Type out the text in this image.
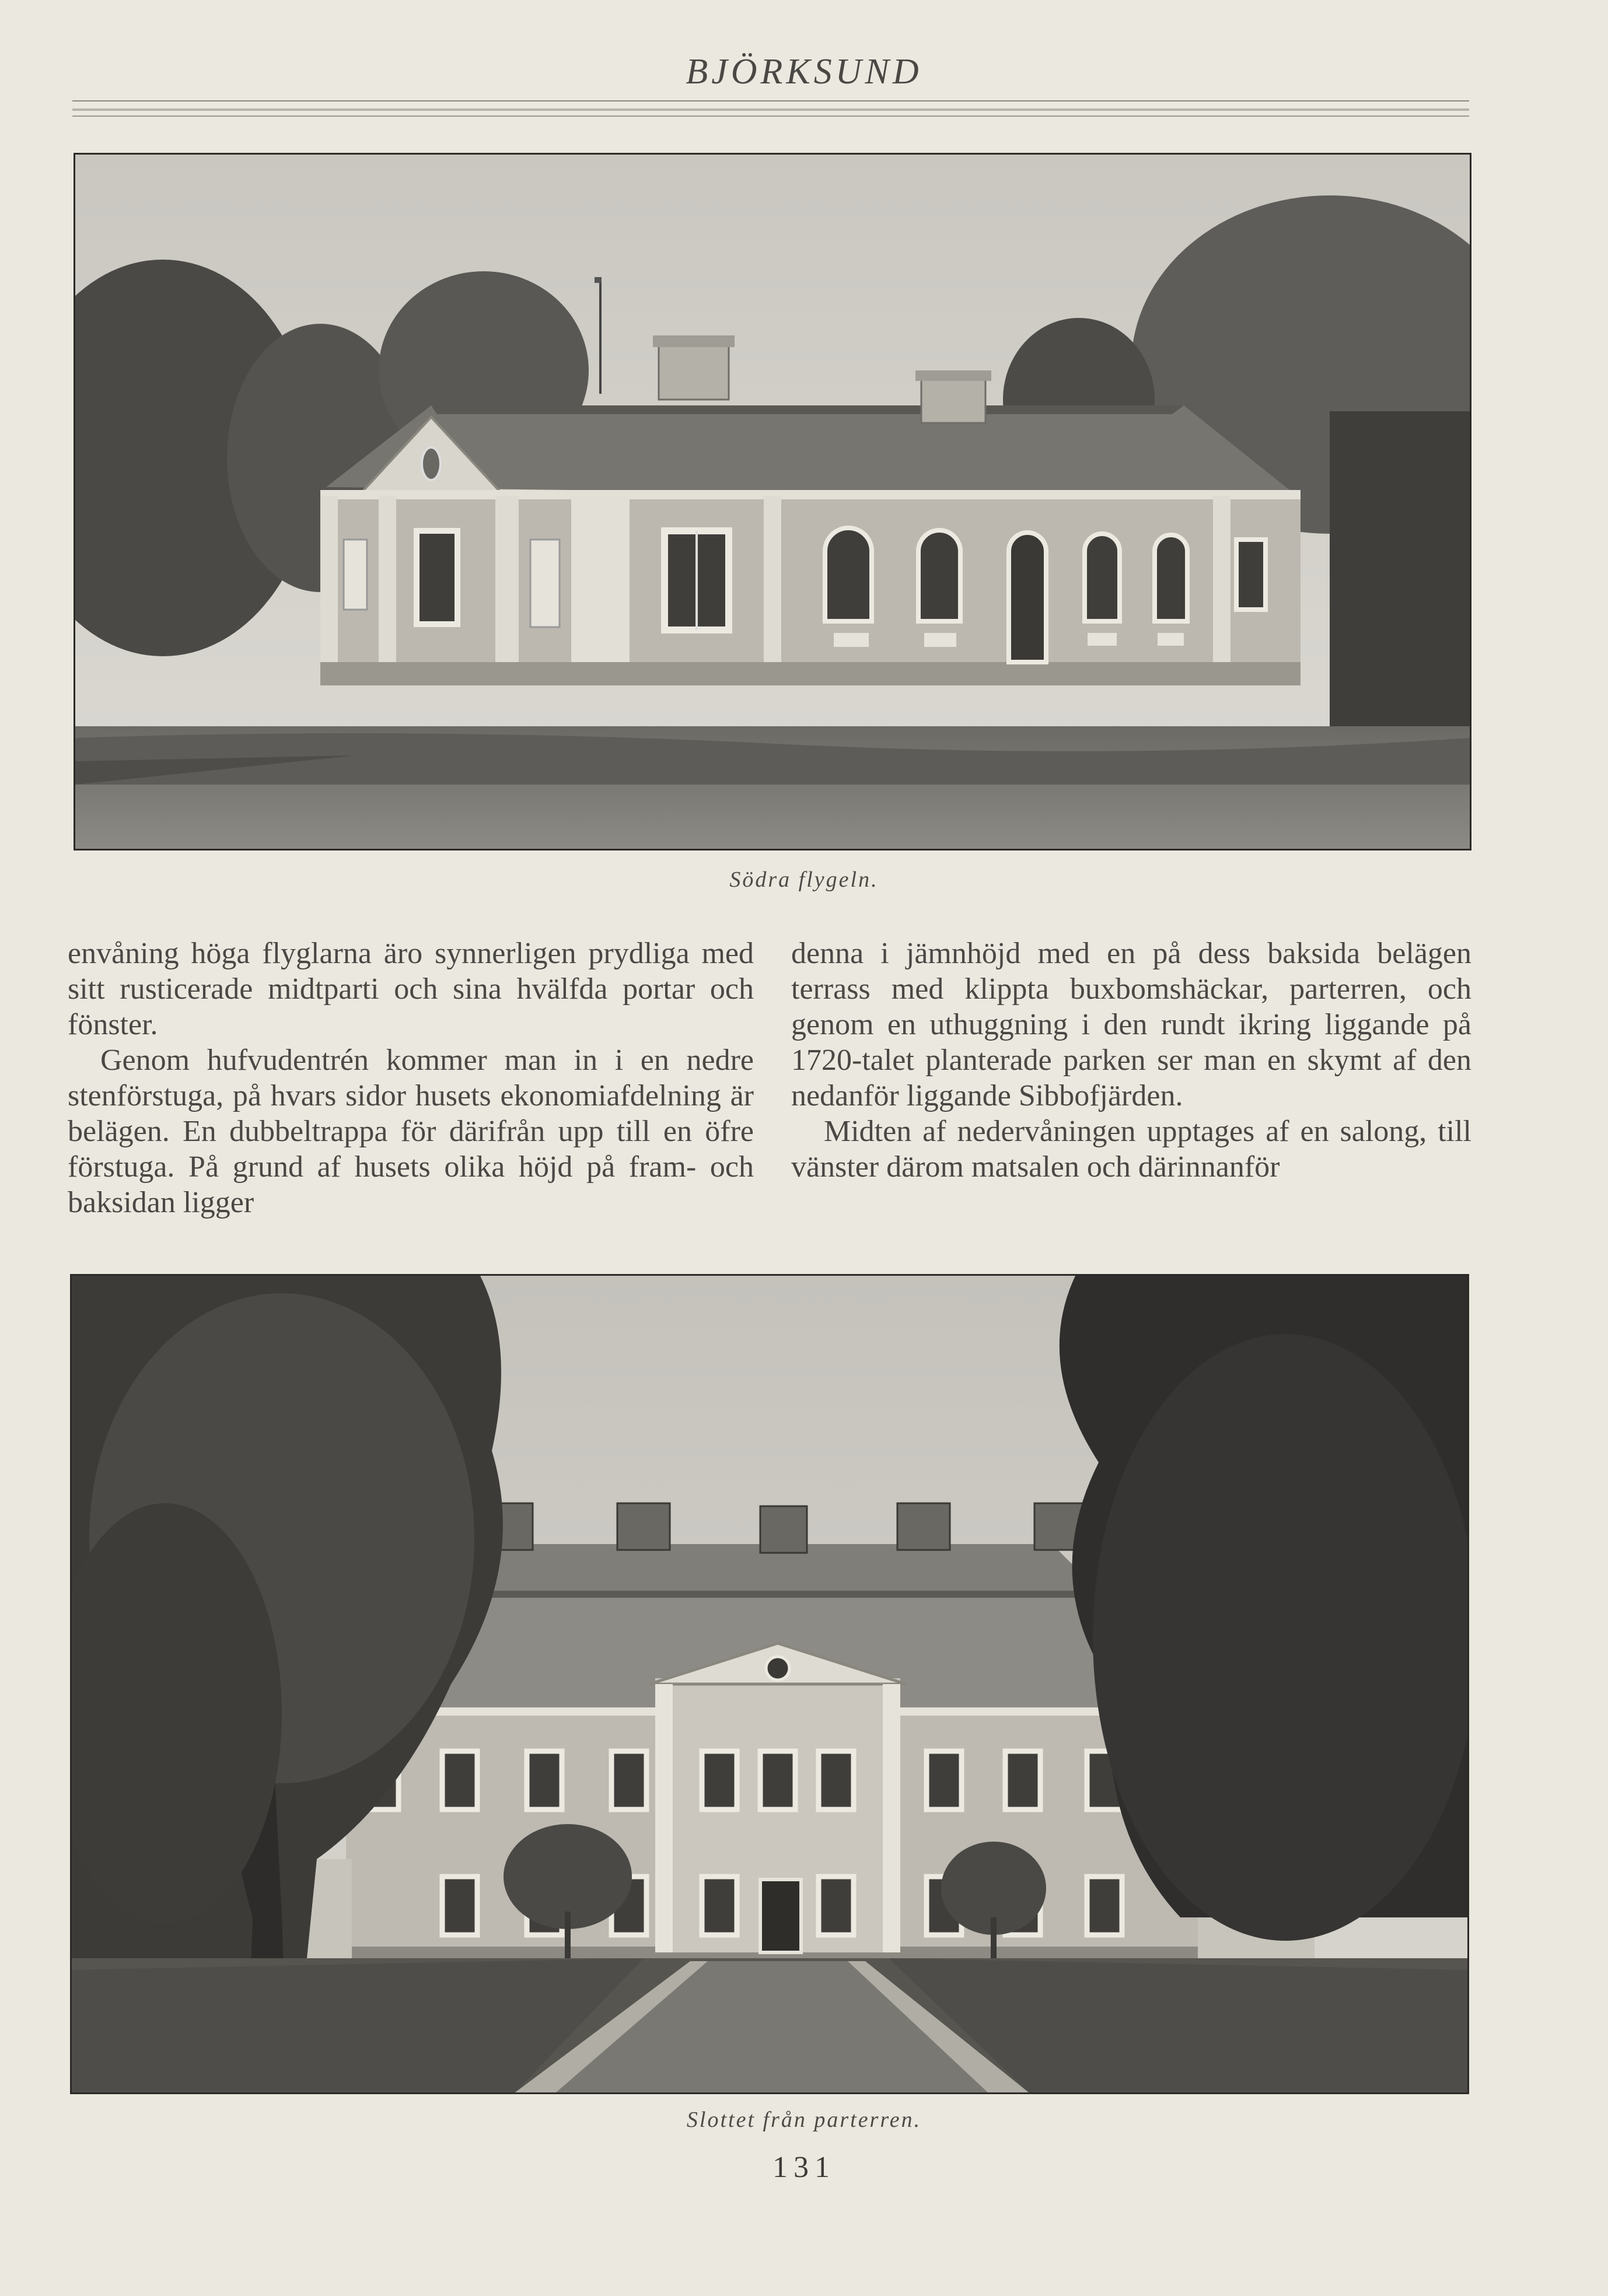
BJÖRKSUND
Södra flygeln.

envåning höga flyglarna äro synnerligen prydliga med sitt rusticerade midtparti och sina hvälfda portar och fönster.

Genom hufvudentrén kommer man in i en nedre stenförstuga, på hvars sidor husets ekonomiafdelning är belägen. En dubbeltrappa för därifrån upp till en öfre förstuga. På grund af husets olika höjd på fram- och baksidan ligger

denna i jämnhöjd med en på dess baksida belägen terrass med klippta buxbomshäckar, parterren, och genom en uthuggning i den rundt ikring liggande på 1720-talet planterade parken ser man en skymt af den nedanför liggande Sibbofjärden.

Midten af nedervåningen upptages af en salong, till vänster därom matsalen och därinnanför

Slottet från parterren.
131
